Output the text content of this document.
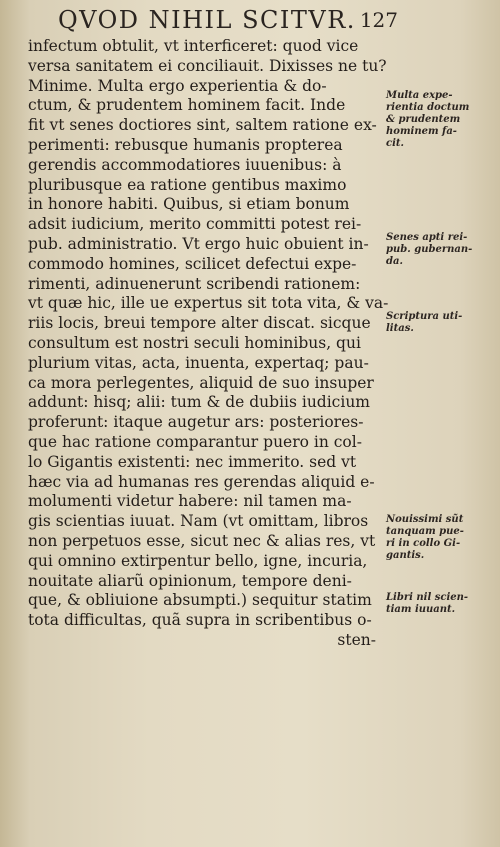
QVOD NIHIL SCITVR. 127
infectum obtulit, vt interficeret: quod vice
versa sanitatem ei conciliauit. Dixisses ne tu?
Minime. Multa ergo experientia & do-
ctum, & prudentem hominem facit. Inde
fit vt senes doctiores sint, saltem ratione ex-
perimenti: rebusque humanis propterea
gerendis accommodatiores iuuenibus: à
pluribusque ea ratione gentibus maximo
in honore habiti. Quibus, si etiam bonum
adsit iudicium, merito committi potest rei-
pub. administratio. Vt ergo huic obuient in-
commodo homines, scilicet defectui expe-
rimenti, adinuenerunt scribendi rationem:
vt quæ hic, ille ue expertus sit tota vita, & va-
riis locis, breui tempore alter discat. sicque
consultum est nostri seculi hominibus, qui
plurium vitas, acta, inuenta, expertaq; pau-
ca mora perlegentes, aliquid de suo insuper
addunt: hisq; alii: tum & de dubiis iudicium
proferunt: itaque augetur ars: posteriores-
que hac ratione comparantur puero in col-
lo Gigantis existenti: nec immerito. sed vt
hæc via ad humanas res gerendas aliquid e-
molumenti videtur habere: nil tamen ma-
gis scientias iuuat. Nam (vt omittam, libros
non perpetuos esse, sicut nec & alias res, vt
qui omnino extirpentur bello, igne, incuria,
nouitate aliarũ opinionum, tempore deni-
que, & obliuione absumpti.) sequitur statim
tota difficultas, quã supra in scribentibus o-
sten-
Multa expe-
rientia doctum
& prudentem
hominem fa-
cit.
Senes apti rei-
pub. gubernan-
da.
Scriptura uti-
litas.
Nouissimi sũt
tanquam pue-
ri in collo Gi-
gantis.
Libri nil scien-
tiam iuuant.
